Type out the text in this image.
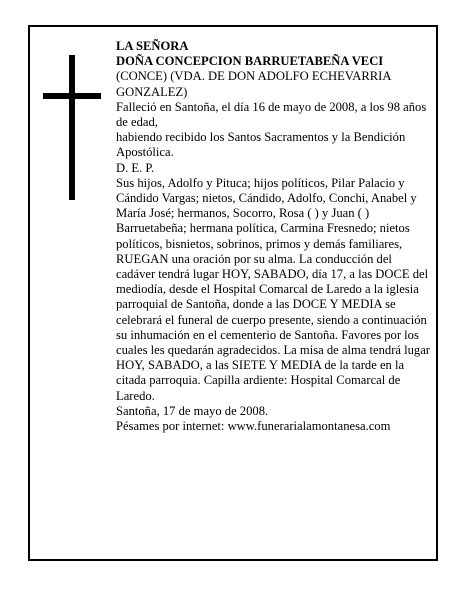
LA SEÑORA

DOÑA CONCEPCION BARRUETABEÑA VECI

(CONCE) (VDA. DE DON ADOLFO ECHEVARRIA GONZALEZ)

Falleció en Santoña, el día 16 de mayo de 2008, a los 98 años de edad,

habiendo recibido los Santos Sacramentos y la Bendición Apostólica.

D. E. P.

Sus hijos, Adolfo y Pituca; hijos políticos, Pilar Palacio y Cándido Vargas; nietos, Cándido, Adolfo, Conchi, Anabel y María José; hermanos, Socorro, Rosa ( ) y Juan ( ) Barruetabeña; hermana política, Carmina Fresnedo; nietos políticos, bisnietos, sobrinos, primos y demás familiares,

RUEGAN una oración por su alma. La conducción del cadáver tendrá lugar HOY, SABADO, día 17, a las DOCE del mediodía, desde el Hospital Comarcal de Laredo a la iglesia parroquial de Santoña, donde a las DOCE Y MEDIA se celebrará el funeral de cuerpo presente, siendo a continuación su inhumación en el cementerio de Santoña. Favores por los cuales les quedarán agradecidos. La misa de alma tendrá lugar HOY, SABADO, a las SIETE Y MEDIA de la tarde en la citada parroquia. Capilla ardiente: Hospital Comarcal de Laredo.

Santoña, 17 de mayo de 2008.

Pésames por internet: www.funerarialamontanesa.com
